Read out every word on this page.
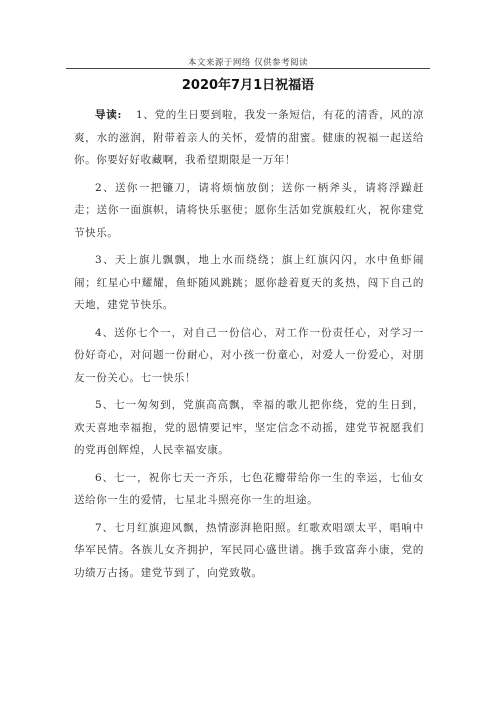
本文来源于网络 仅供参考阅读
2020年7月1日祝福语

导读: 1、党的生日要到啦，我发一条短信，有花的清香，风的凉爽，水的滋润，附带着亲人的关怀，爱情的甜蜜。健康的祝福一起送给你。你要好好收藏啊，我希望期限是一万年！

2、送你一把镰刀，请将烦恼放倒；送你一柄斧头，请将浮躁赶走；送你一面旗帜，请将快乐驱使；愿你生活如党旗般红火，祝你建党节快乐。

3、天上旗儿飘飘，地上水而绕绕；旗上红旗闪闪，水中鱼虾闹闹；红星心中耀耀，鱼虾随风跳跳；愿你趁着夏天的炙热，闯下自己的天地，建党节快乐。

4、送你七个一，对自己一份信心，对工作一份责任心，对学习一份好奇心，对问题一份耐心，对小孩一份童心，对爱人一份爱心，对朋友一份关心。七一快乐！

5、七一匆匆到，党旗高高飘，幸福的歌儿把你绕，党的生日到，欢天喜地幸福抱，党的恩情要记牢，坚定信念不动摇，建党节祝愿我们的党再创辉煌，人民幸福安康。

6、七一，祝你七天一齐乐，七色花瓣带给你一生的幸运，七仙女送给你一生的爱情，七星北斗照亮你一生的坦途。

7、七月红旗迎风飘，热情澎湃艳阳照。红歌欢唱颂太平，唱响中华军民情。各族儿女齐拥护，军民同心盛世谱。携手致富奔小康，党的功绩万古扬。建党节到了，向党致敬。
